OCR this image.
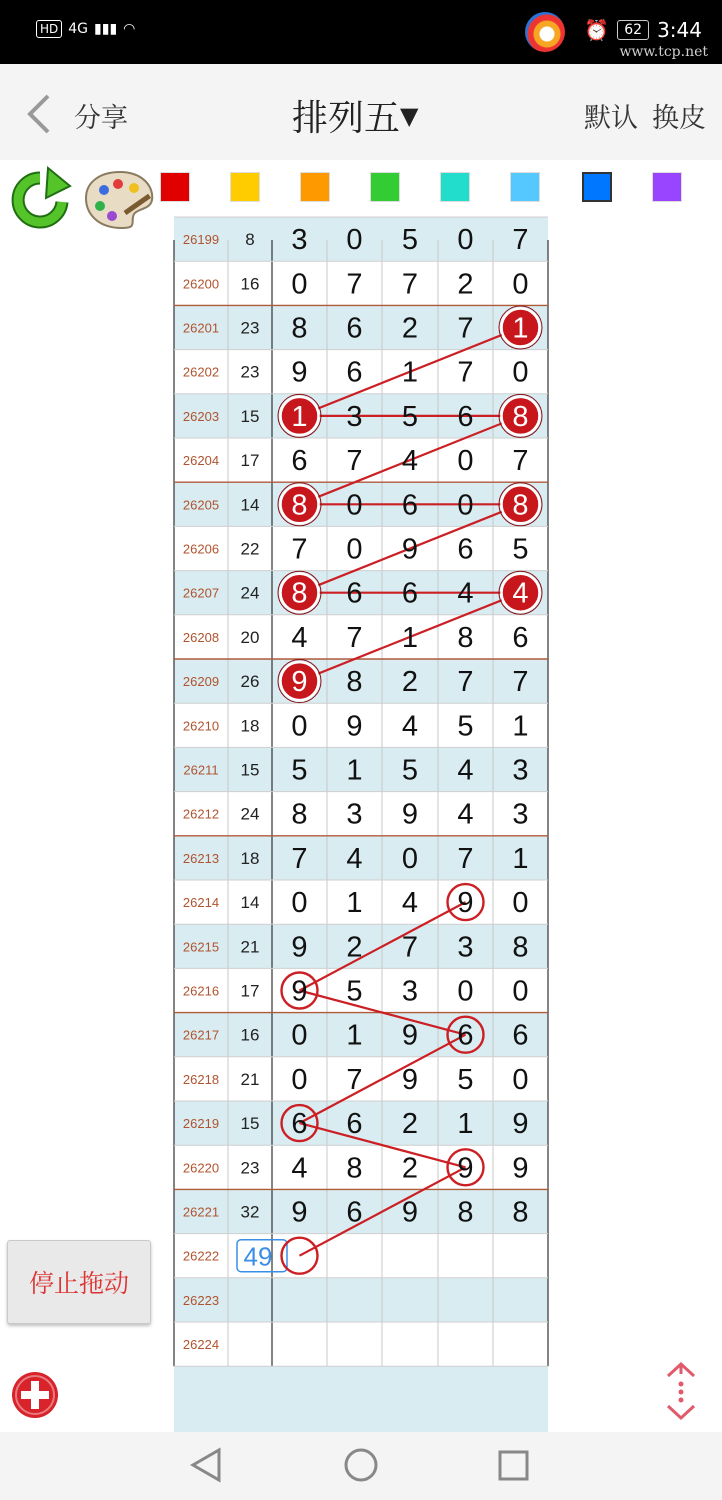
HD 4G ▮▮▮ ◠	⏰	62 3:44
www.tcp.net
分享	排列五▼	默认 换皮
26199 8 3 0 5 0 7
26200 16 0 7 7 2 0
26201 23 8 6 2 7 1
26202 23 9 6 1 7 0
26203 15 1 3 5 6 8
26204 17 6 7 4 0 7
26205 14 8 0 6 0 8
26206 22 7 0 9 6 5
26207 24 8 6 6 4 4
26208 20 4 7 1 8 6
26209 26 9 8 2 7 7
26210 18 0 9 4 5 1
26211 15 5 1 5 4 3
26212 24 8 3 9 4 3
26213 18 7 4 0 7 1
26214 14 0 1 4 9 0
26215 21 9 2 7 3 8
26216 17 9 5 3 0 0
26217 16 0 1 9 6 6
26218 21 0 7 9 5 0
26219 15 6 6 2 1 9
26220 23 4 8 2 9 9
26221 32 9 6 9 8 8
26222 49
26223
26224
停止拖动
